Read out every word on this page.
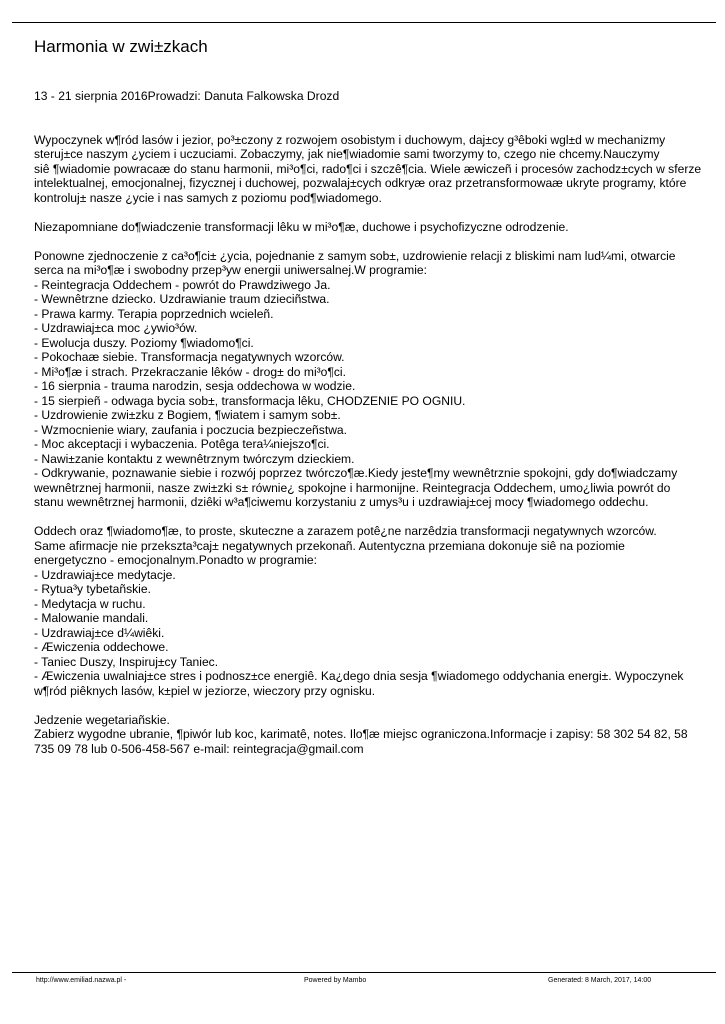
Harmonia w zwi±zkach
13 - 21 sierpnia 2016Prowadzi: Danuta Falkowska Drozd
Wypoczynek w¶ród lasów i jezior, po³±czony z rozwojem osobistym i duchowym, daj±cy g³êboki wgl±d w mechanizmy
steruj±ce naszym ¿yciem i uczuciami. Zobaczymy, jak nie¶wiadomie sami tworzymy to, czego nie chcemy.Nauczymy
siê ¶wiadomie powracaæ do stanu harmonii, mi³o¶ci, rado¶ci i szczê¶cia. Wiele æwiczeñ i procesów zachodz±cych w sferze
intelektualnej, emocjonalnej, fizycznej i duchowej, pozwalaj±cych odkryæ oraz przetransformowaæ ukryte programy, które
kontroluj± nasze ¿ycie i nas samych z poziomu pod¶wiadomego.
Niezapomniane do¶wiadczenie transformacji lêku w mi³o¶æ, duchowe i psychofizyczne odrodzenie.
Ponowne zjednoczenie z ca³o¶ci± ¿ycia, pojednanie z samym sob±, uzdrowienie relacji z bliskimi nam lud¼mi, otwarcie
serca na mi³o¶æ i swobodny przep³yw energii uniwersalnej.W programie:
- Reintegracja Oddechem - powrót do Prawdziwego Ja.
- Wewnêtrzne dziecko. Uzdrawianie traum dzieciñstwa.
- Prawa karmy. Terapia poprzednich wcieleñ.
- Uzdrawiaj±ca moc ¿ywio³ów.
- Ewolucja duszy. Poziomy ¶wiadomo¶ci.
- Pokochaæ siebie. Transformacja negatywnych wzorców.
- Mi³o¶æ i strach. Przekraczanie lêków - drog± do mi³o¶ci.
- 16 sierpnia - trauma narodzin, sesja oddechowa w wodzie.
- 15 sierpieñ - odwaga bycia sob±, transformacja lêku, CHODZENIE PO OGNIU.
- Uzdrowienie zwi±zku z Bogiem, ¶wiatem i samym sob±.
- Wzmocnienie wiary, zaufania i poczucia bezpieczeñstwa.
- Moc akceptacji i wybaczenia. Potêga tera¼niejszo¶ci.
- Nawi±zanie kontaktu z wewnêtrznym twórczym dzieckiem.
- Odkrywanie, poznawanie siebie i rozwój poprzez twórczo¶æ.Kiedy jeste¶my wewnêtrznie spokojni, gdy do¶wiadczamy
wewnêtrznej harmonii, nasze zwi±zki s± równie¿ spokojne i harmonijne. Reintegracja Oddechem, umo¿liwia powrót do
stanu wewnêtrznej harmonii, dziêki w³a¶ciwemu korzystaniu z umys³u i uzdrawiaj±cej mocy ¶wiadomego oddechu.
Oddech oraz ¶wiadomo¶æ, to proste, skuteczne a zarazem potê¿ne narzêdzia transformacji negatywnych wzorców.
Same afirmacje nie przekszta³caj± negatywnych przekonañ. Autentyczna przemiana dokonuje siê na poziomie
energetyczno - emocjonalnym.Ponadto w programie:
- Uzdrawiaj±ce medytacje.
- Rytua³y tybetañskie.
- Medytacja w ruchu.
- Malowanie mandali.
- Uzdrawiaj±ce d¼wiêki.
- Æwiczenia oddechowe.
- Taniec Duszy, Inspiruj±cy Taniec.
- Æwiczenia uwalniaj±ce stres i podnosz±ce energiê. Ka¿dego dnia sesja ¶wiadomego oddychania energi±. Wypoczynek
w¶ród piêknych lasów, k±piel w jeziorze, wieczory przy ognisku.
Jedzenie wegetariañskie.
Zabierz wygodne ubranie, ¶piwór lub koc, karimatê, notes. Ilo¶æ miejsc ograniczona.Informacje i zapisy: 58 302 54 82, 58
735 09 78 lub 0-506-458-567 e-mail: reintegracja@gmail.com
http://www.emiliad.nazwa.pl -	Powered by Mambo	Generated: 8 March, 2017, 14:00
